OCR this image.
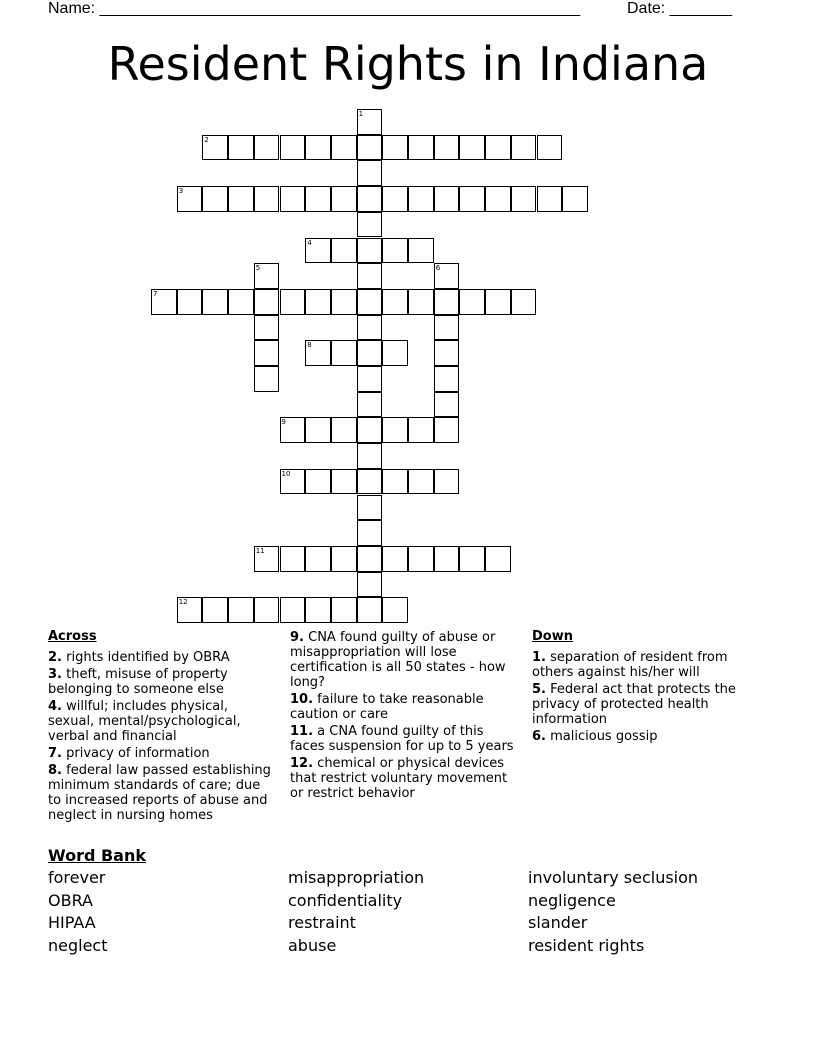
Name: ______________________________________________________	Date: _______
Resident Rights in Indiana
1
2
3
4
5	6
7
8
9
10
11
12
Across
2. rights identified by OBRA
3. theft, misuse of property belonging to someone else
4. willful; includes physical, sexual, mental/psychological, verbal and financial
7. privacy of information
8. federal law passed establishing minimum standards of care; due to increased reports of abuse and neglect in nursing homes
9. CNA found guilty of abuse or misappropriation will lose certification is all 50 states - how long?
10. failure to take reasonable caution or care
11. a CNA found guilty of this faces suspension for up to 5 years
12. chemical or physical devices that restrict voluntary movement or restrict behavior
Down
1. separation of resident from others against his/her will
5. Federal act that protects the privacy of protected health information
6. malicious gossip
Word Bank
forever
OBRA
HIPAA
neglect
misappropriation
confidentiality
restraint
abuse
involuntary seclusion
negligence
slander
resident rights
